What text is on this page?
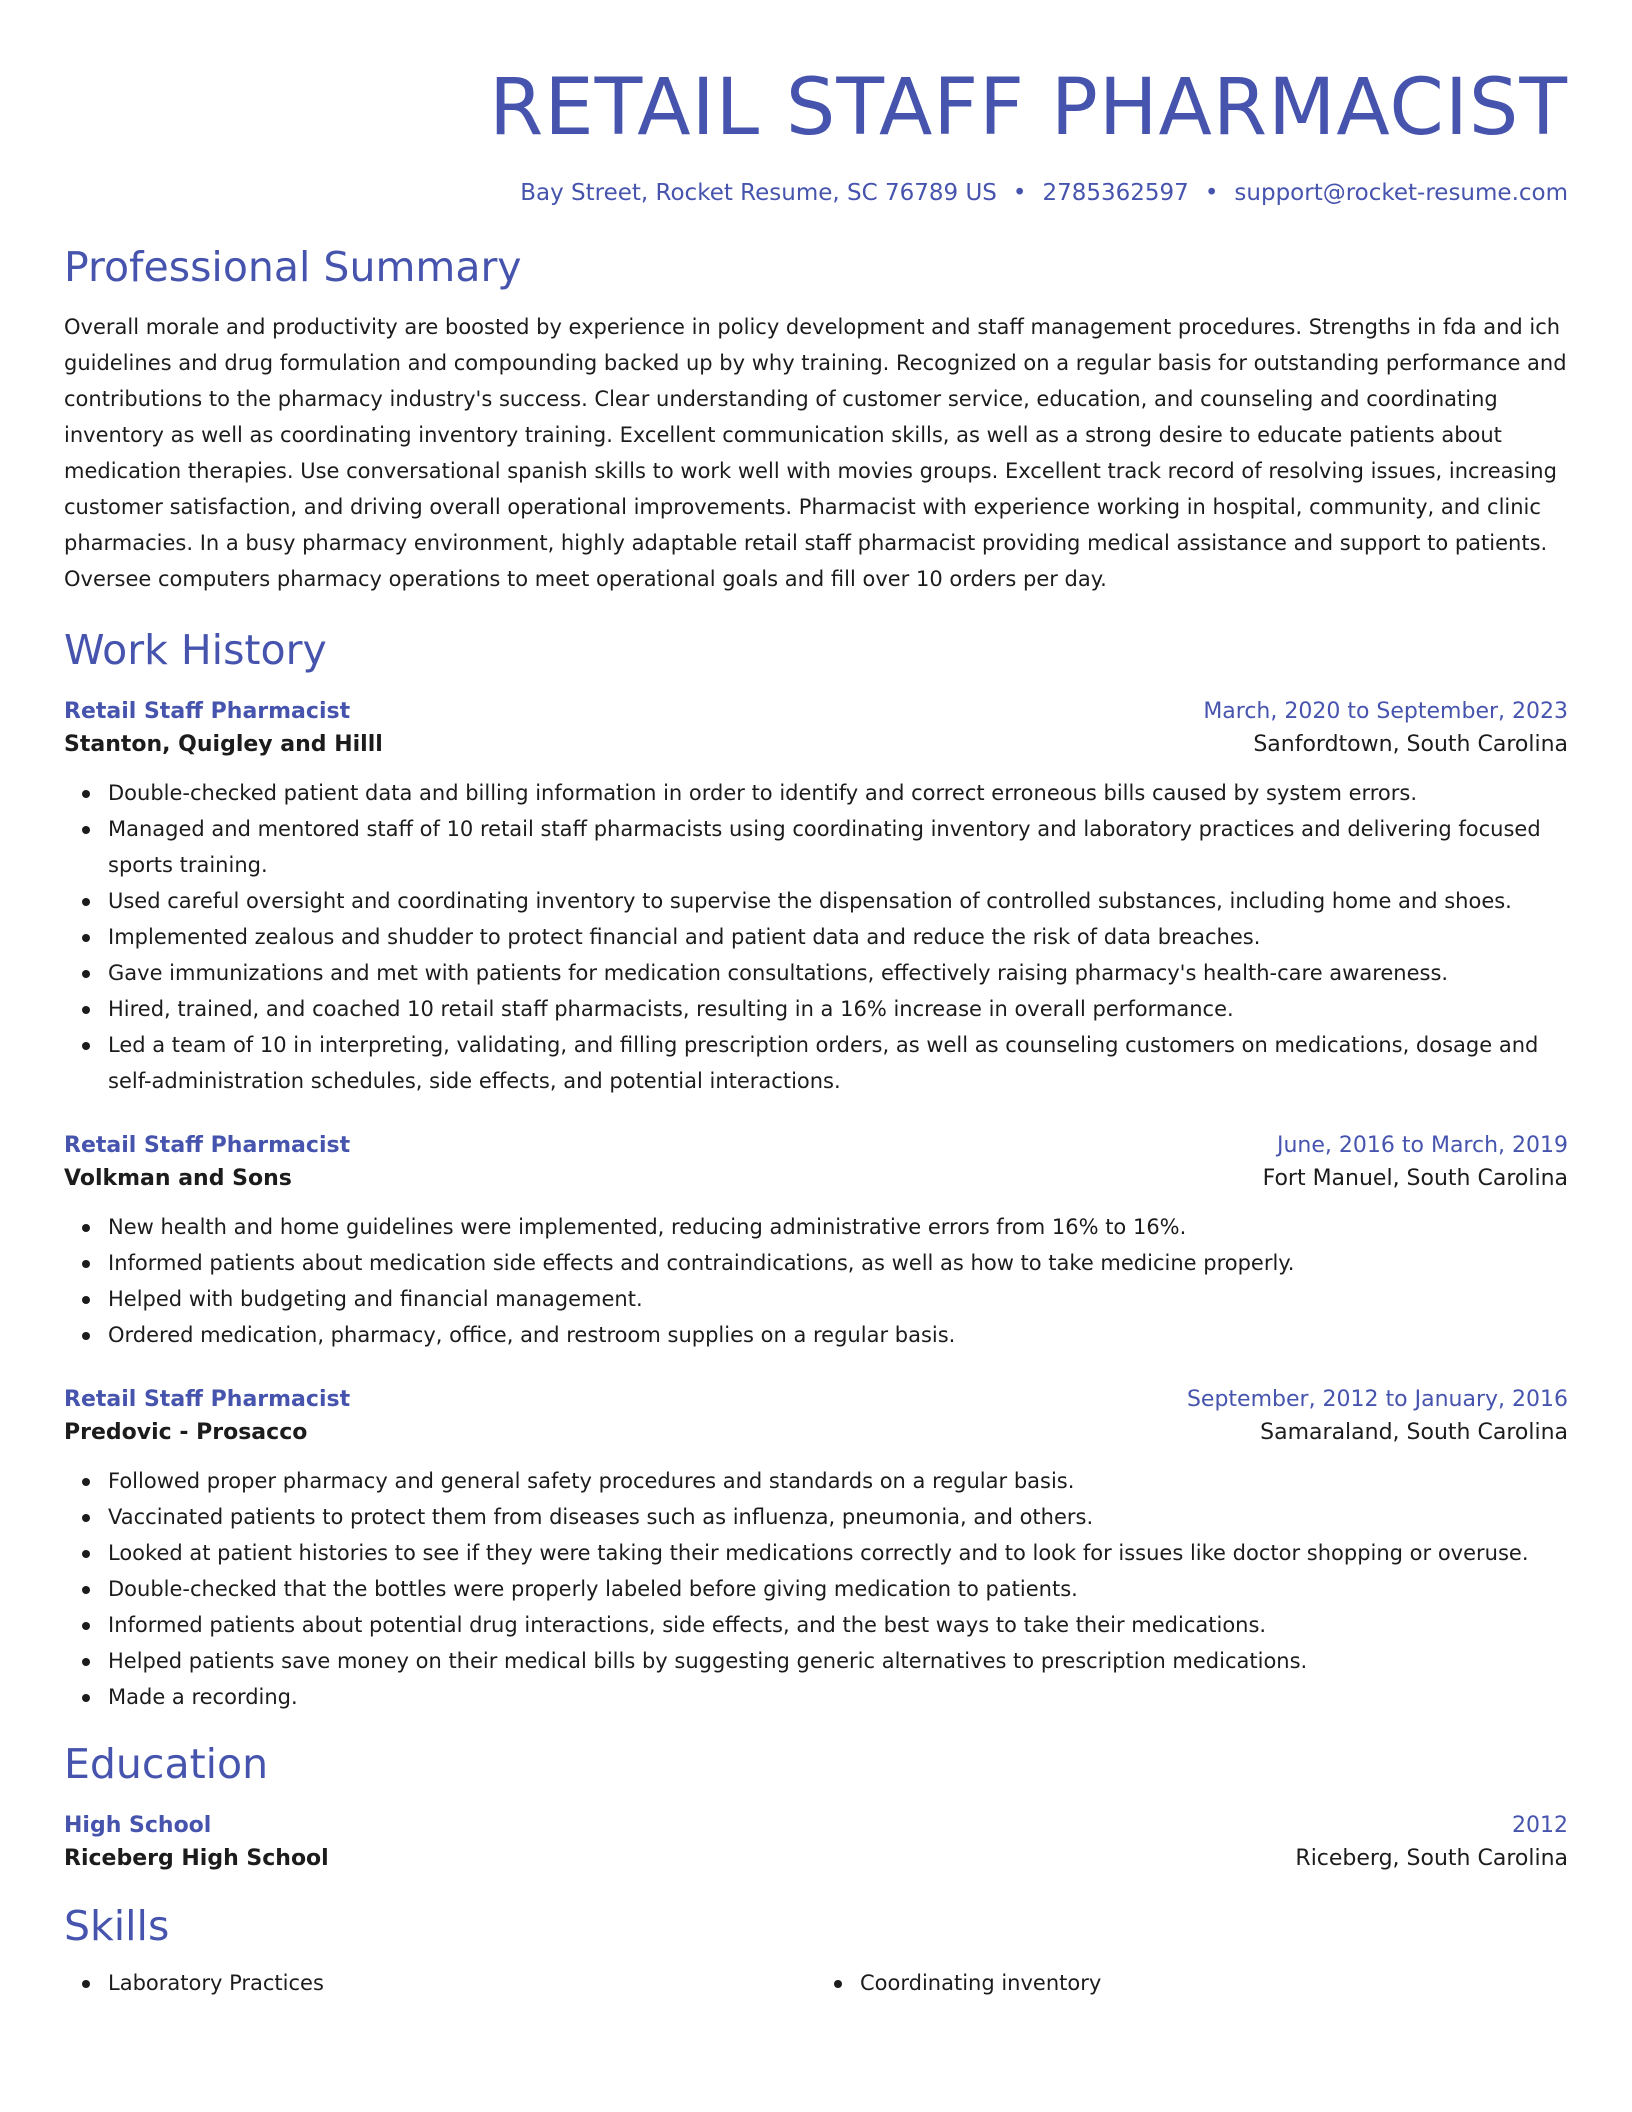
RETAIL STAFF PHARMACIST
Bay Street, Rocket Resume, SC 76789 US • 2785362597 • support@rocket-resume.com
Professional Summary

Overall morale and productivity are boosted by experience in policy development and staff management procedures. Strengths in fda and ich guidelines and drug formulation and compounding backed up by why training. Recognized on a regular basis for outstanding performance and contributions to the pharmacy industry's success. Clear understanding of customer service, education, and counseling and coordinating inventory as well as coordinating inventory training. Excellent communication skills, as well as a strong desire to educate patients about medication therapies. Use conversational spanish skills to work well with movies groups. Excellent track record of resolving issues, increasing customer satisfaction, and driving overall operational improvements. Pharmacist with experience working in hospital, community, and clinic pharmacies. In a busy pharmacy environment, highly adaptable retail staff pharmacist providing medical assistance and support to patients. Oversee computers pharmacy operations to meet operational goals and fill over 10 orders per day.

Work History
Retail Staff Pharmacist	March, 2020 to September, 2023
Stanton, Quigley and Hilll	Sanfordtown, South Carolina
Double-checked patient data and billing information in order to identify and correct erroneous bills caused by system errors.
Managed and mentored staff of 10 retail staff pharmacists using coordinating inventory and laboratory practices and delivering focused sports training.
Used careful oversight and coordinating inventory to supervise the dispensation of controlled substances, including home and shoes.
Implemented zealous and shudder to protect financial and patient data and reduce the risk of data breaches.
Gave immunizations and met with patients for medication consultations, effectively raising pharmacy's health-care awareness.
Hired, trained, and coached 10 retail staff pharmacists, resulting in a 16% increase in overall performance.
Led a team of 10 in interpreting, validating, and filling prescription orders, as well as counseling customers on medications, dosage and self-administration schedules, side effects, and potential interactions.
Retail Staff Pharmacist	June, 2016 to March, 2019
Volkman and Sons	Fort Manuel, South Carolina
New health and home guidelines were implemented, reducing administrative errors from 16% to 16%.
Informed patients about medication side effects and contraindications, as well as how to take medicine properly.
Helped with budgeting and financial management.
Ordered medication, pharmacy, office, and restroom supplies on a regular basis.
Retail Staff Pharmacist	September, 2012 to January, 2016
Predovic - Prosacco	Samaraland, South Carolina
Followed proper pharmacy and general safety procedures and standards on a regular basis.
Vaccinated patients to protect them from diseases such as influenza, pneumonia, and others.
Looked at patient histories to see if they were taking their medications correctly and to look for issues like doctor shopping or overuse.
Double-checked that the bottles were properly labeled before giving medication to patients.
Informed patients about potential drug interactions, side effects, and the best ways to take their medications.
Helped patients save money on their medical bills by suggesting generic alternatives to prescription medications.
Made a recording.
Education
High School	2012
Riceberg High School	Riceberg, South Carolina
Skills
Laboratory Practices	Coordinating inventory
